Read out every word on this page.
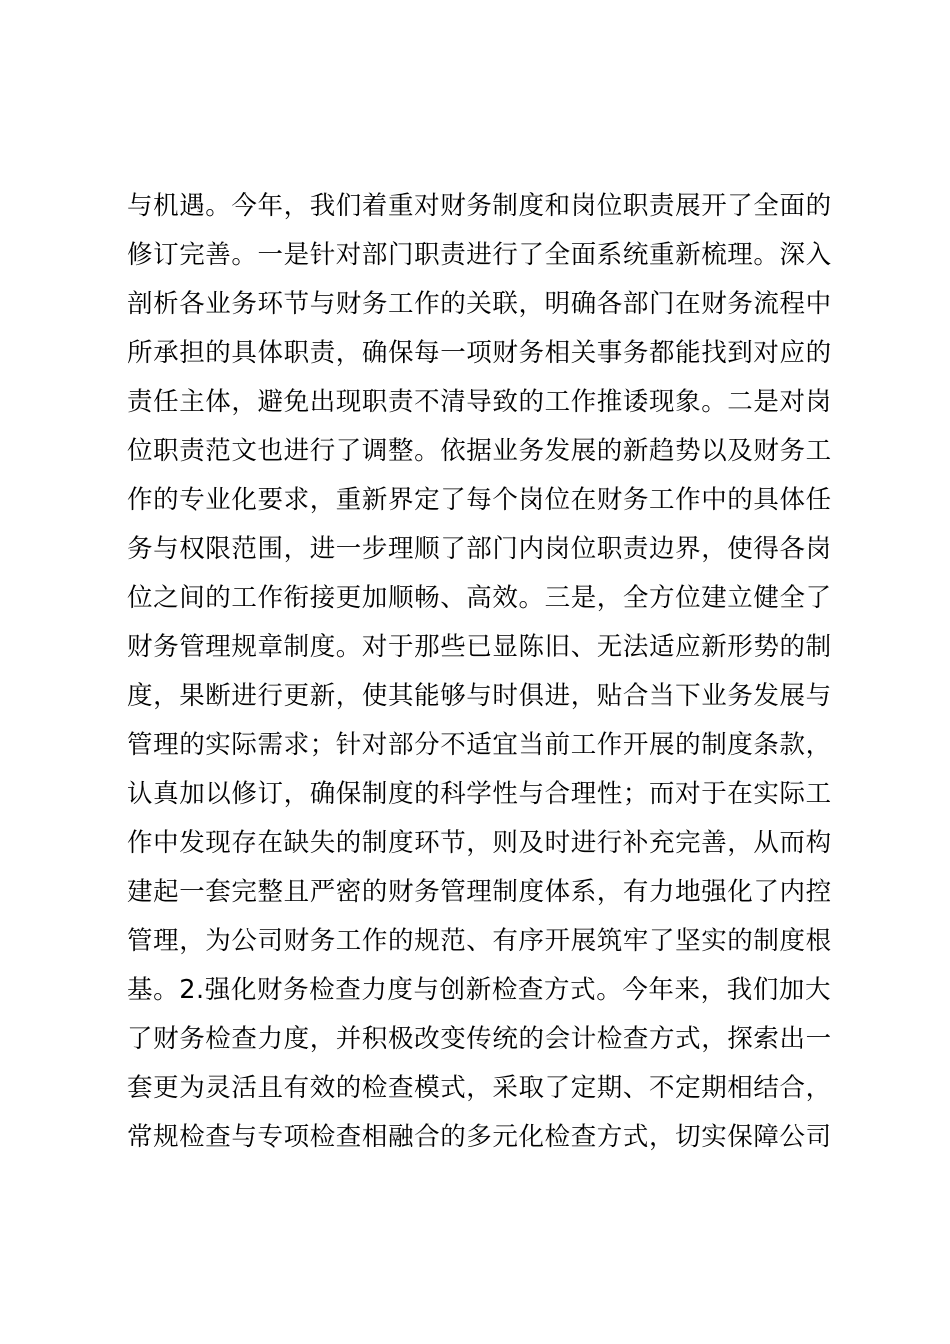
与机遇。今年，我们着重对财务制度和岗位职责展开了全面的
修订完善。一是针对部门职责进行了全面系统重新梳理。深入
剖析各业务环节与财务工作的关联，明确各部门在财务流程中
所承担的具体职责，确保每一项财务相关事务都能找到对应的
责任主体，避免出现职责不清导致的工作推诿现象。二是对岗
位职责范文也进行了调整。依据业务发展的新趋势以及财务工
作的专业化要求，重新界定了每个岗位在财务工作中的具体任
务与权限范围，进一步理顺了部门内岗位职责边界，使得各岗
位之间的工作衔接更加顺畅、高效。三是，全方位建立健全了
财务管理规章制度。对于那些已显陈旧、无法适应新形势的制
度，果断进行更新，使其能够与时俱进，贴合当下业务发展与
管理的实际需求；针对部分不适宜当前工作开展的制度条款，
认真加以修订，确保制度的科学性与合理性；而对于在实际工
作中发现存在缺失的制度环节，则及时进行补充完善，从而构
建起一套完整且严密的财务管理制度体系，有力地强化了内控
管理，为公司财务工作的规范、有序开展筑牢了坚实的制度根
基。2.强化财务检查力度与创新检查方式。今年来，我们加大
了财务检查力度，并积极改变传统的会计检查方式，探索出一
套更为灵活且有效的检查模式，采取了定期、不定期相结合，
常规检查与专项检查相融合的多元化检查方式，切实保障公司
